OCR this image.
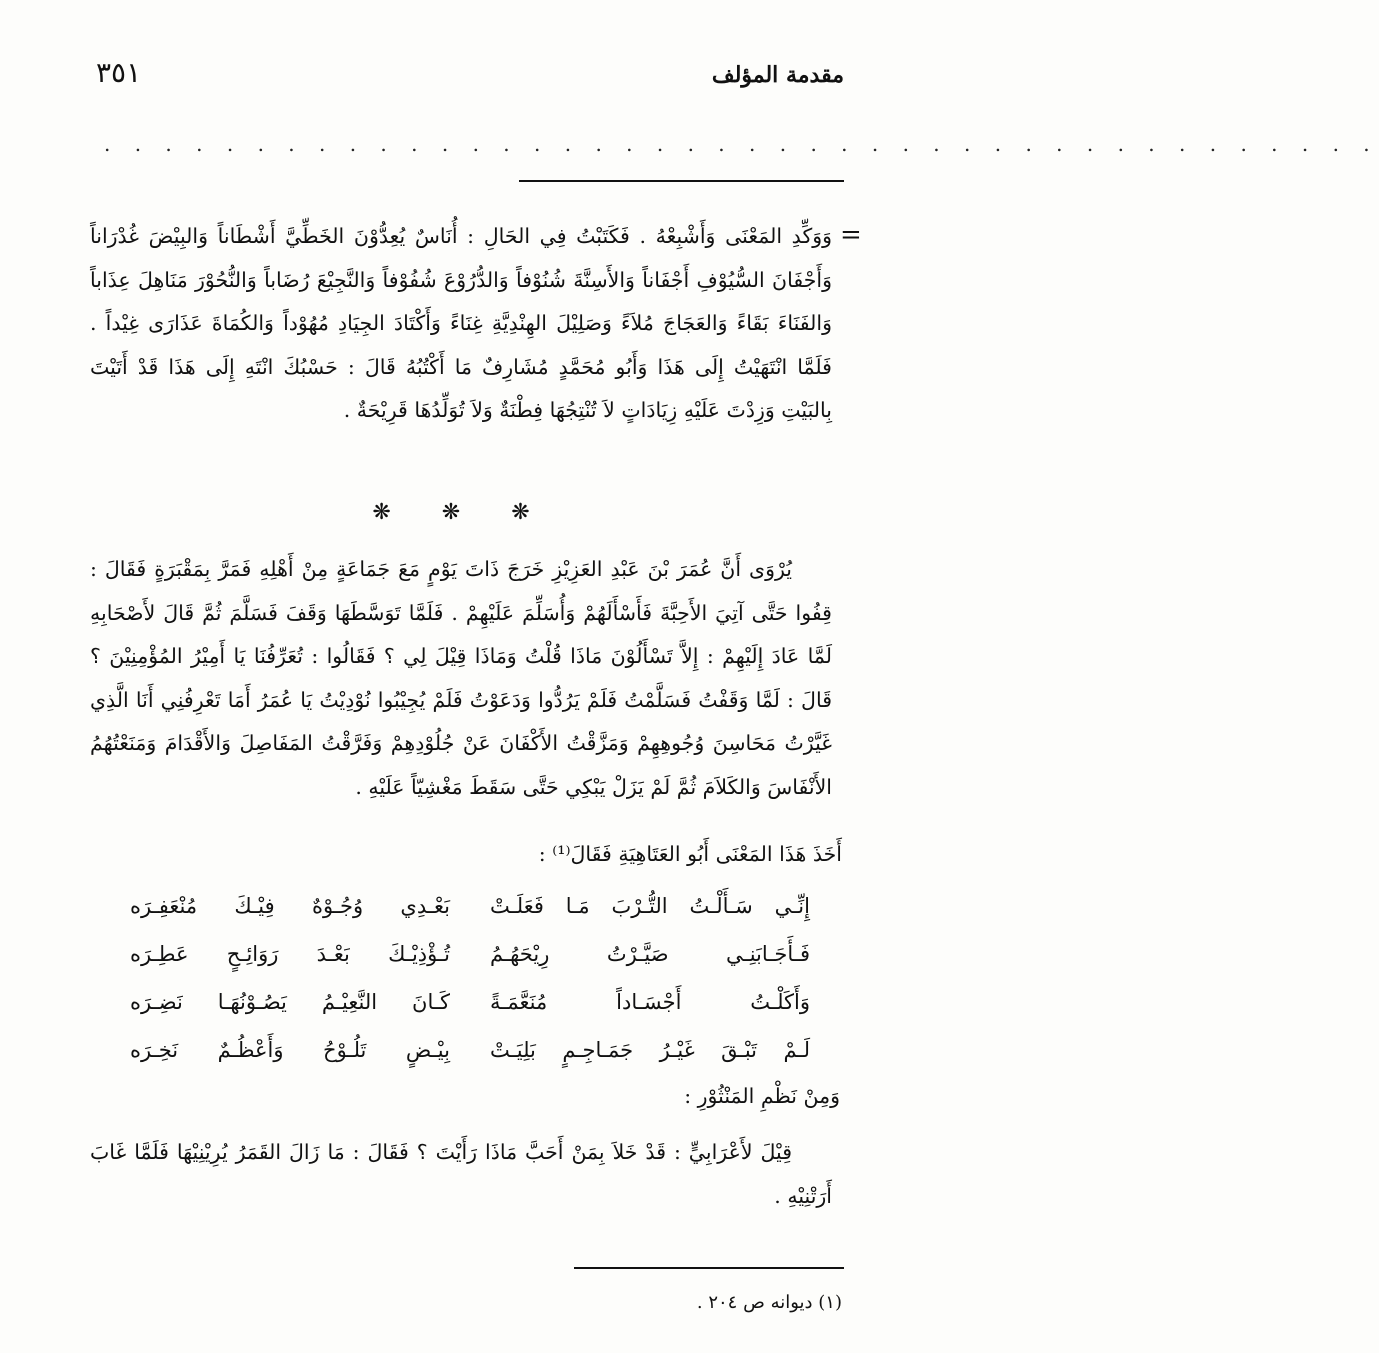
مقدمة المؤلف
٣٥١
. . . . . . . . . . . . . . . . . . . . . . . . . . . . . . . . . . . . . . . . . .
=

وَوَكِّدِ المَعْنَى وَأَشْبِعْهُ . فَكَتَبْتُ فِي الحَالِ : أُنَاسٌ يُعِدُّوْنَ الخَطِّيَّ أَشْطَاناً وَالبِيْضَ غُدْرَاناً وَأَجْفَانَ السُّيُوْفِ أَجْفَاناً وَالأَسِنَّةَ شُنُوْفاً وَالدُّرُوْعَ شُفُوْفاً وَالنَّجِيْعَ رُضَاباً وَالنُّحُوْرَ مَنَاهِلَ عِذَاباً وَالفَنَاءَ بَقَاءً وَالعَجَاجَ مُلاَءً وَصَلِيْلَ الهِنْدِيَّةِ غِنَاءً وَأَكْتَادَ الجِيَادِ مُهُوْداً وَالكُمَاةَ عَذَارَى غِيْداً . فَلَمَّا انْتَهَيْتُ إِلَى هَذَا وَأَبُو مُحَمَّدٍ مُشَارِفٌ مَا أَكْتُبُهُ قَالَ : حَسْبُكَ انْتَهِ إِلَى هَذَا قَدْ أَتَيْتَ بِالبَيْتِ وَزِدْتَ عَلَيْهِ زِيَادَاتٍ لاَ تُنْتِجُهَا فِطْنَةٌ وَلاَ تُوَلِّدُهَا قَرِيْحَةٌ .

❋ ❋ ❋

يُرْوَى أَنَّ عُمَرَ بْنَ عَبْدِ العَزِيْزِ خَرَجَ ذَاتَ يَوْمٍ مَعَ جَمَاعَةٍ مِنْ أَهْلِهِ فَمَرَّ بِمَقْبَرَةٍ فَقَالَ : قِفُوا حَتَّى آتِيَ الأَحِبَّةَ فَأَسْأَلَهُمْ وَأُسَلِّمَ عَلَيْهِمْ . فَلَمَّا تَوَسَّطَهَا وَقَفَ فَسَلَّمَ ثُمَّ قَالَ لأَصْحَابِهِ لَمَّا عَادَ إِلَيْهِمْ : إِلاَّ تَسْأَلُوْنَ مَاذَا قُلْتُ وَمَاذَا قِيْلَ لِي ؟ فَقَالُوا : تُعَرِّفُنَا يَا أَمِيْرُ المُؤْمِنِيْنَ ؟ قَالَ : لَمَّا وَقَفْتُ فَسَلَّمْتُ فَلَمْ يَرُدُّوا وَدَعَوْتُ فَلَمْ يُجِيْبُوا نُوْدِيْتُ يَا عُمَرُ أَمَا تَعْرِفُنِي أَنَا الَّذِي غَيَّرْتُ مَحَاسِنَ وُجُوهِهِمْ وَمَزَّقْتُ الأَكْفَانَ عَنْ جُلُوْدِهِمْ وَفَرَّقْتُ المَفَاصِلَ وَالأَقْدَامَ وَمَنَعْتُهُمُ الأَنْفَاسَ وَالكَلاَمَ ثُمَّ لَمْ يَزَلْ يَبْكِي حَتَّى سَقَطَ مَغْشِيّاً عَلَيْهِ .

أَخَذَ هَذَا المَعْنَى أَبُو العَتَاهِيَةِ فَقَالَ⁽¹⁾ :
إِنِّـي سَـأَلْـتُ التُّـرْبَ مَـا فَعَلَـتْ
بَعْـدِي وُجُـوْهٌ فِيْـكَ مُنْعَفِـرَه
فَـأَجَـابَنِـي صَيَّـرْتُ رِيْحَهُـمُ
تُـؤْذِيْـكَ بَعْـدَ رَوَائِـحٍ عَطِـرَه
وَأَكَلْـتُ أَجْسَـاداً مُنَعَّمَـةً
كَـانَ النَّعِيْـمُ يَصُـوْنُهَـا نَضِـرَه
لَـمْ تَبْـقَ غَيْـرُ جَمَـاجِـمٍ بَلِيَـتْ
بِيْـضٍ تَلُـوْحُ وَأَعْظُـمٌ نَخِـرَه
وَمِنْ نَظْمِ المَنْثُوْرِ :

قِيْلَ لأَعْرَابِيٍّ : قَدْ خَلاَ بِمَنْ أَحَبَّ مَاذَا رَأَيْتَ ؟ فَقَالَ : مَا زَالَ القَمَرُ يُرِيْنِيْهَا فَلَمَّا غَابَ أَرَتْنِيْهِ .

(١) ديوانه ص ٢٠٤ .
